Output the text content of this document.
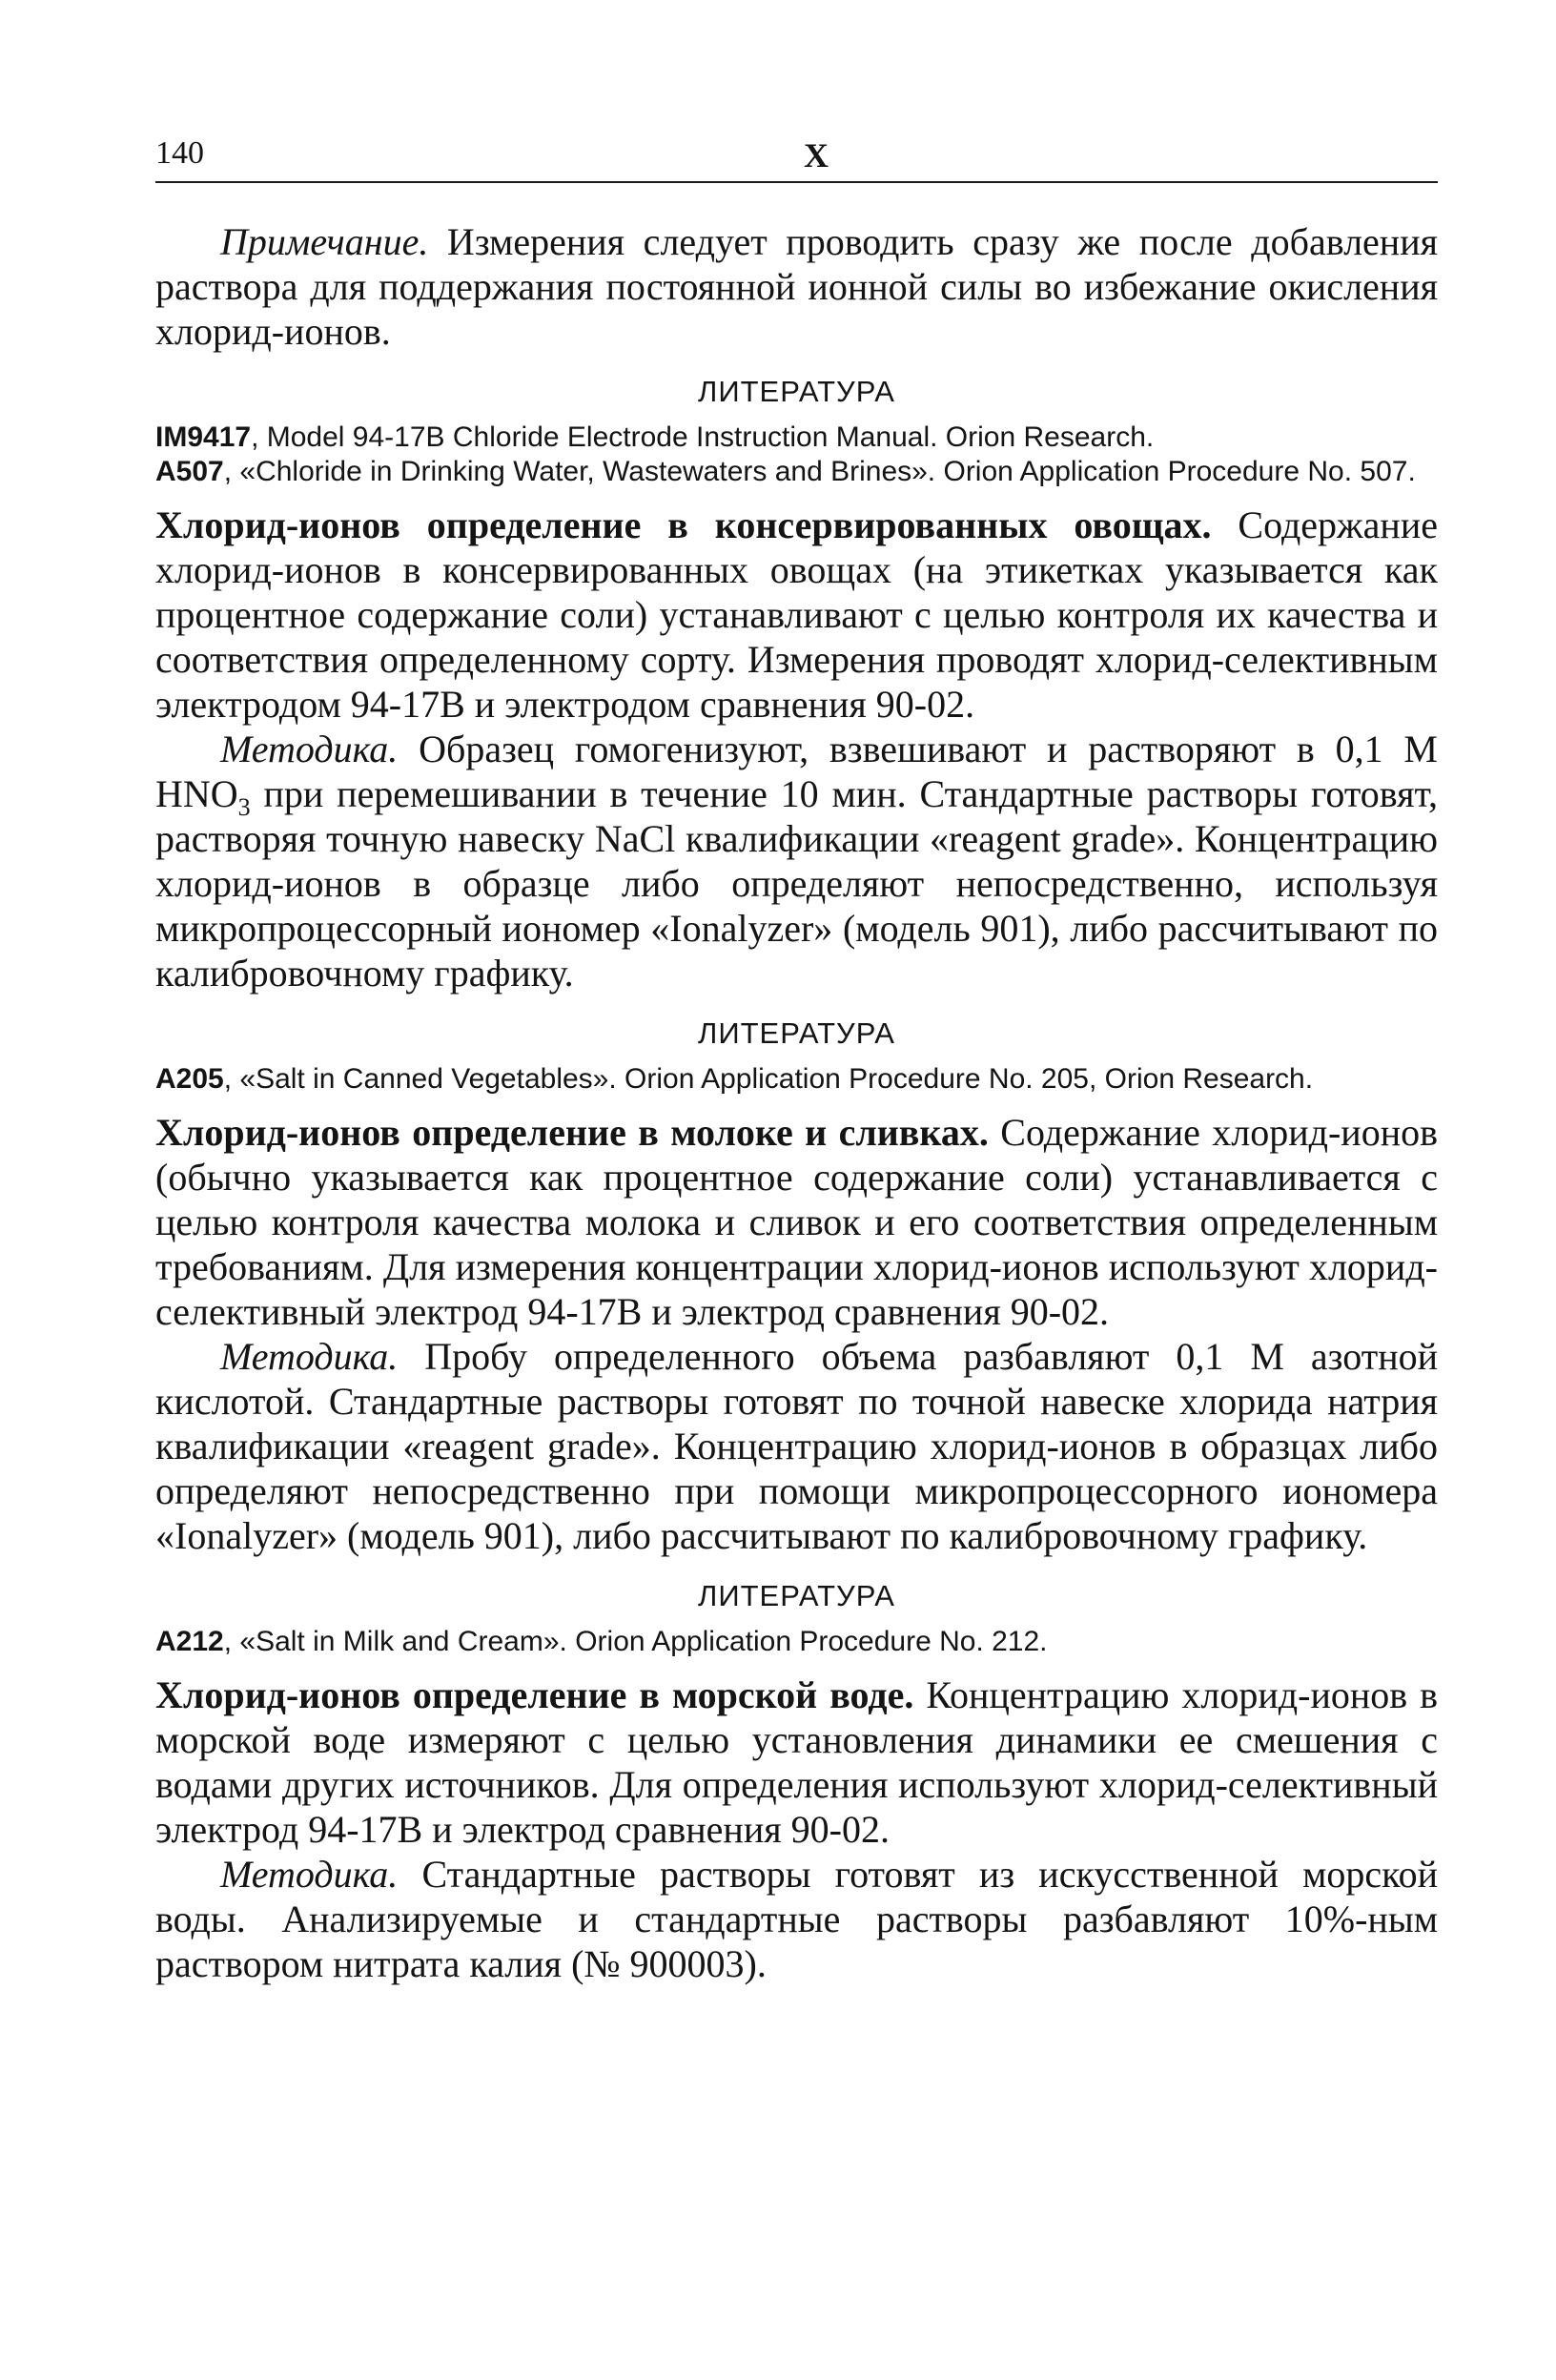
140	X

Примечание. Измерения следует проводить сразу же после добавления раствора для поддержания постоянной ионной силы во избежание окисления хлорид-ионов.

ЛИТЕРАТУРА

IM9417, Model 94-17B Chloride Electrode Instruction Manual. Orion Research.

A507, «Chloride in Drinking Water, Wastewaters and Brines». Orion Application Procedure No. 507.

Хлорид-ионов определение в консервированных овощах. Содержание хлорид-ионов в консервированных овощах (на этикетках указывается как процентное содержание соли) устанавливают с целью контроля их качества и соответствия определенному сорту. Измерения проводят хлорид-селективным электродом 94-17B и электродом сравнения 90-02.

Методика. Образец гомогенизуют, взвешивают и растворяют в 0,1 М $HNO_3$ при перемешивании в течение 10 мин. Стандартные растворы готовят, растворяя точную навеску NaCl квалификации «reagent grade». Концентрацию хлорид-ионов в образце либо определяют непосредственно, используя микропроцессорный иономер «Ionalyzer» (модель 901), либо рассчитывают по калибровочному графику.

ЛИТЕРАТУРА

A205, «Salt in Canned Vegetables». Orion Application Procedure No. 205, Orion Research.

Хлорид-ионов определение в молоке и сливках. Содержание хлорид-ионов (обычно указывается как процентное содержание соли) устанавливается с целью контроля качества молока и сливок и его соответствия определенным требованиям. Для измерения концентрации хлорид-ионов используют хлорид-селективный электрод 94-17B и электрод сравнения 90-02.

Методика. Пробу определенного объема разбавляют 0,1 М азотной кислотой. Стандартные растворы готовят по точной навеске хлорида натрия квалификации «reagent grade». Концентрацию хлорид-ионов в образцах либо определяют непосредственно при помощи микропроцессорного иономера «Ionalyzer» (модель 901), либо рассчитывают по калибровочному графику.

ЛИТЕРАТУРА

A212, «Salt in Milk and Cream». Orion Application Procedure No. 212.

Хлорид-ионов определение в морской воде. Концентрацию хлорид-ионов в морской воде измеряют с целью установления динамики ее смешения с водами других источников. Для определения используют хлорид-селективный электрод 94-17B и электрод сравнения 90-02.

Методика. Стандартные растворы готовят из искусственной морской воды. Анализируемые и стандартные растворы разбавляют 10%-ным раствором нитрата калия (№ 900003).
